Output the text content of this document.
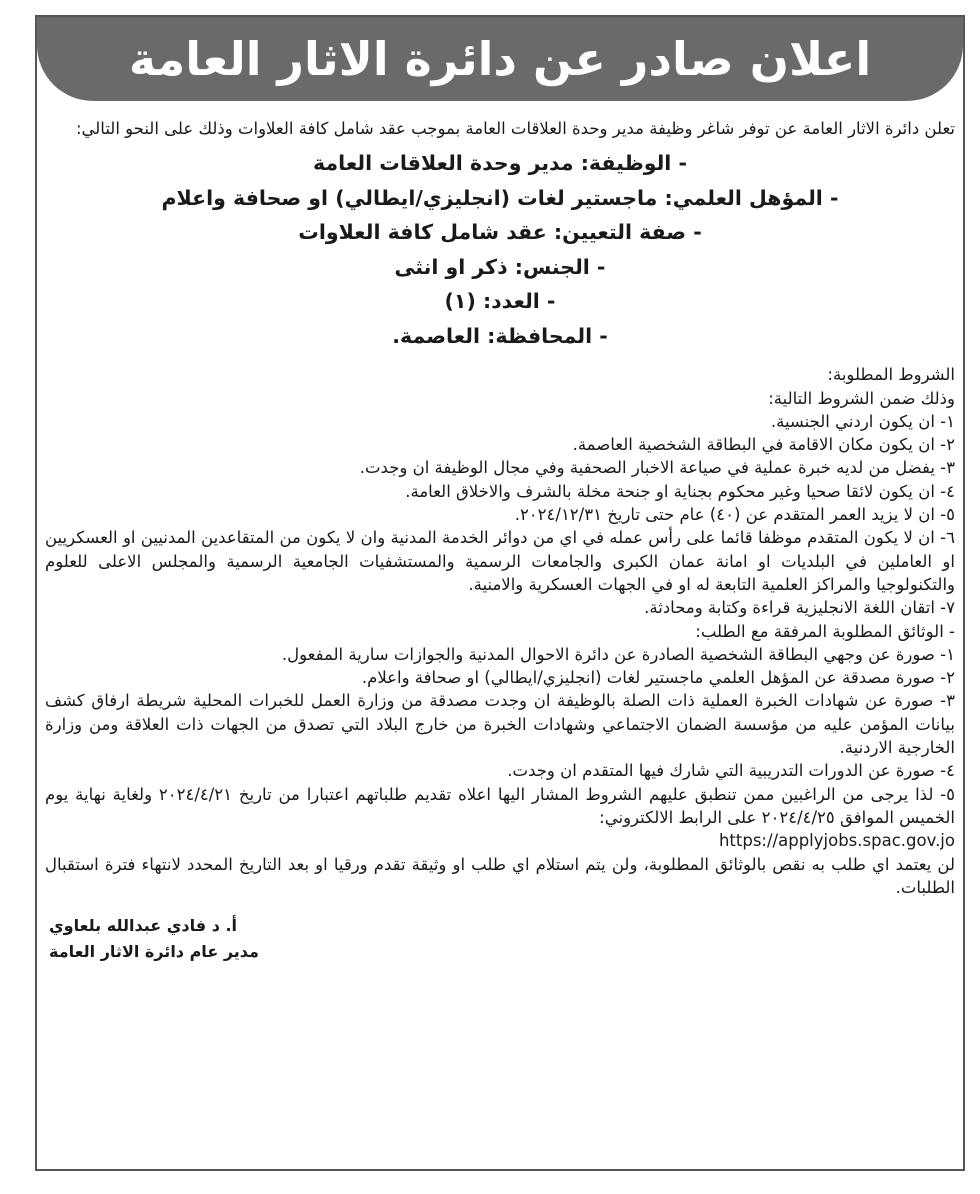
اعلان صادر عن دائرة الاثار العامة

تعلن دائرة الاثار العامة عن توفر شاغر وظيفة مدير وحدة العلاقات العامة بموجب عقد شامل كافة العلاوات وذلك على النحو التالي:

- الوظيفة: مدير وحدة العلاقات العامة
- المؤهل العلمي: ماجستير لغات (انجليزي/ايطالي) او صحافة واعلام
- صفة التعيين: عقد شامل كافة العلاوات
- الجنس: ذكر او انثى
- العدد: (١)
- المحافظة: العاصمة.

الشروط المطلوبة:

وذلك ضمن الشروط التالية:

١- ان يكون اردني الجنسية.

٢- ان يكون مكان الاقامة في البطاقة الشخصية العاصمة.

٣- يفضل من لديه خبرة عملية في صياعة الاخبار الصحفية وفي مجال الوظيفة ان وجدت.

٤- ان يكون لائقا صحيا وغير محكوم بجناية او جنحة مخلة بالشرف والاخلاق العامة.

٥- ان لا يزيد العمر المتقدم عن (٤٠) عام حتى تاريخ ٢٠٢٤/١٢/٣١.

٦- ان لا يكون المتقدم موظفا قائما على رأس عمله في اي من دوائر الخدمة المدنية وان لا يكون من المتقاعدين المدنيين او العسكريين او العاملين في البلديات او امانة عمان الكبرى والجامعات الرسمية والمستشفيات الجامعية الرسمية والمجلس الاعلى للعلوم والتكنولوجيا والمراكز العلمية التابعة له او في الجهات العسكرية والامنية.

٧- اتقان اللغة الانجليزية قراءة وكتابة ومحادثة.

- الوثائق المطلوبة المرفقة مع الطلب:

١- صورة عن وجهي البطاقة الشخصية الصادرة عن دائرة الاحوال المدنية والجوازات سارية المفعول.

٢- صورة مصدقة عن المؤهل العلمي ماجستير لغات (انجليزي/ايطالي) او صحافة واعلام.

٣- صورة عن شهادات الخبرة العملية ذات الصلة بالوظيفة ان وجدت مصدقة من وزارة العمل للخبرات المحلية شريطة ارفاق كشف بيانات المؤمن عليه من مؤسسة الضمان الاجتماعي وشهادات الخبرة من خارج البلاد التي تصدق من الجهات ذات العلاقة ومن وزارة الخارجية الاردنية.

٤- صورة عن الدورات التدريبية التي شارك فيها المتقدم ان وجدت.

٥- لذا يرجى من الراغبين ممن تنطبق عليهم الشروط المشار اليها اعلاه تقديم طلباتهم اعتبارا من تاريخ ٢٠٢٤/٤/٢١ ولغاية نهاية يوم الخميس الموافق ٢٠٢٤/٤/٢٥ على الرابط الالكتروني:

https://applyjobs.spac.gov.jo

لن يعتمد اي طلب به نقص بالوثائق المطلوبة، ولن يتم استلام اي طلب او وثيقة تقدم ورقيا او بعد التاريخ المحدد لانتهاء فترة استقبال الطلبات.

أ. د فادي عبدالله بلعاوي
مدير عام دائرة الاثار العامة
